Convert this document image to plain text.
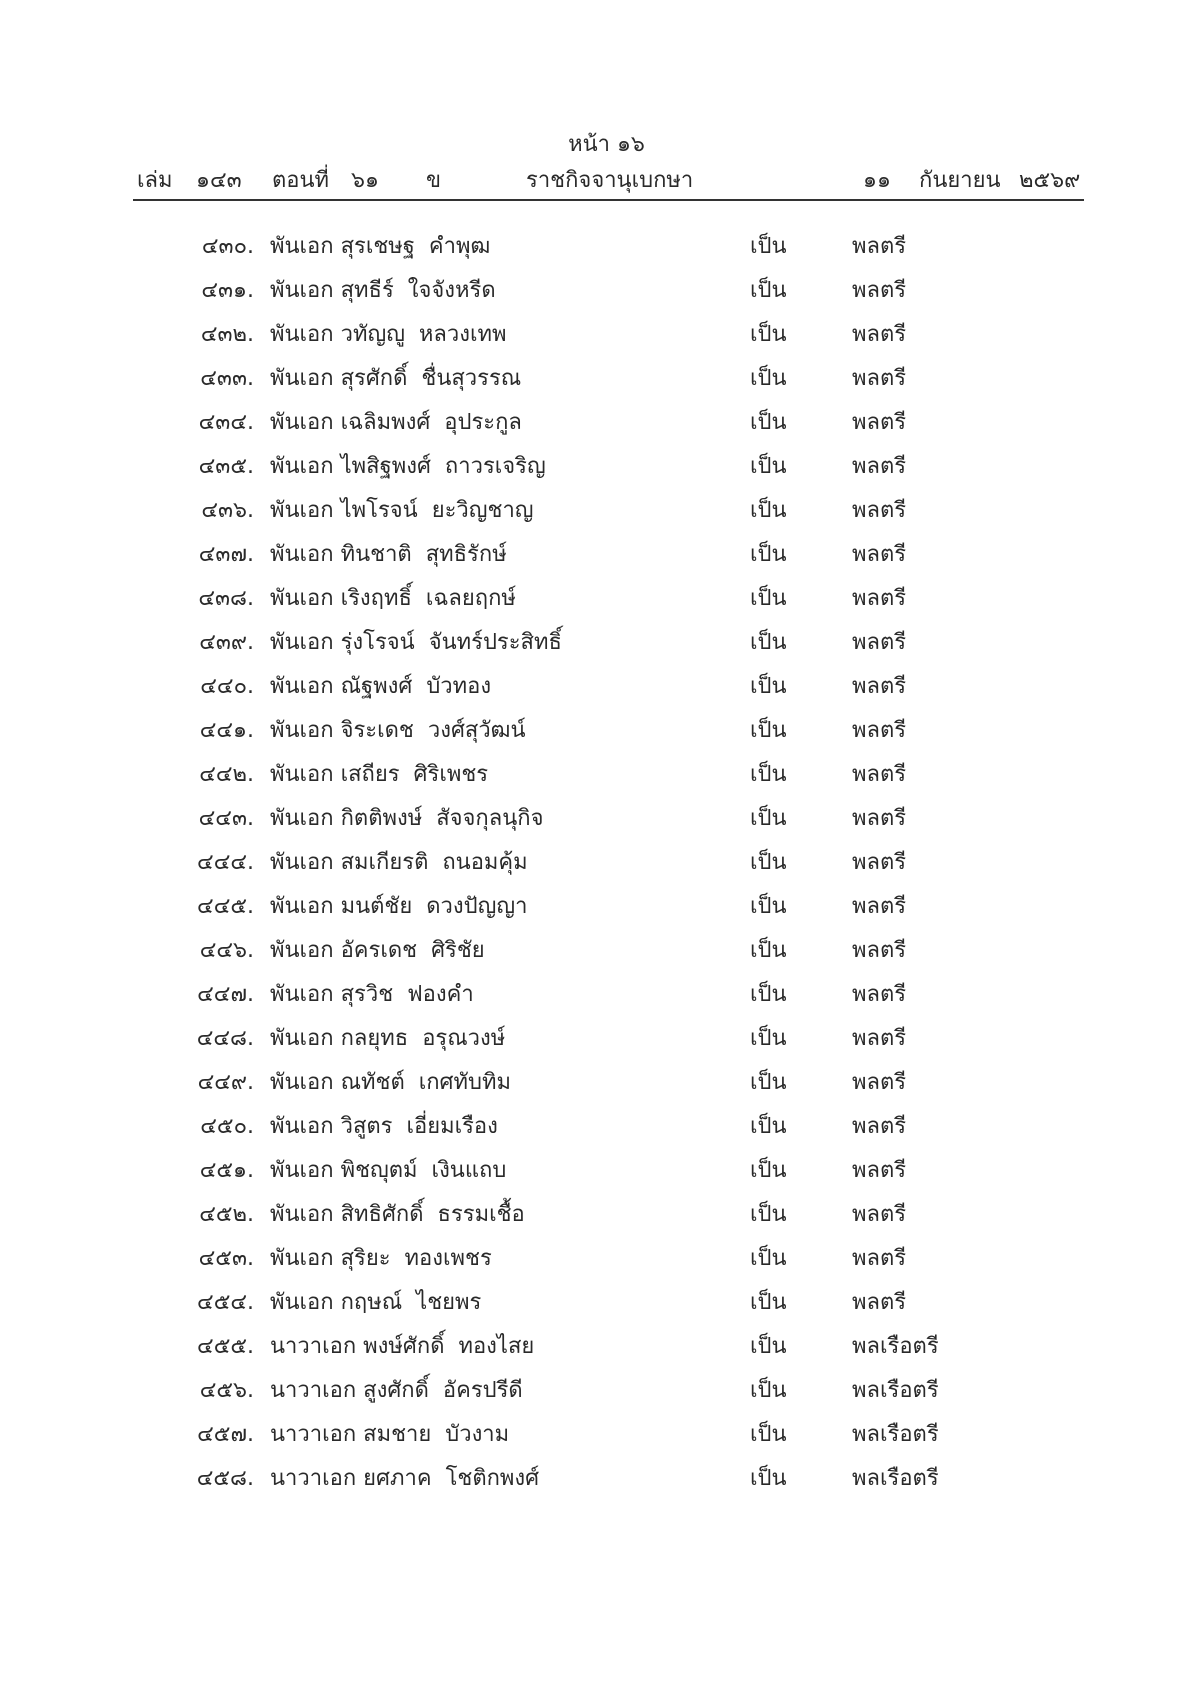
หน้า ๑๖
เล่ม ๑๔๓ ตอนที่ ๖๑ ข	ราชกิจจานุเบกษา	๑๑ กันยายน ๒๕๖๙
๔๓๐. พันเอก สุรเชษฐ  คำพุฒ	เป็น	พลตรี
๔๓๑. พันเอก สุทธีร์  ใจจังหรีด	เป็น	พลตรี
๔๓๒. พันเอก วทัญญู  หลวงเทพ	เป็น	พลตรี
๔๓๓. พันเอก สุรศักดิ์  ชื่นสุวรรณ	เป็น	พลตรี
๔๓๔. พันเอก เฉลิมพงศ์  อุประกูล	เป็น	พลตรี
๔๓๕. พันเอก ไพสิฐพงศ์  ถาวรเจริญ	เป็น	พลตรี
๔๓๖. พันเอก ไพโรจน์  ยะวิญชาญ	เป็น	พลตรี
๔๓๗. พันเอก ทินชาติ  สุทธิรักษ์	เป็น	พลตรี
๔๓๘. พันเอก เริงฤทธิ์  เฉลยฤกษ์	เป็น	พลตรี
๔๓๙. พันเอก รุ่งโรจน์  จันทร์ประสิทธิ์	เป็น	พลตรี
๔๔๐. พันเอก ณัฐพงศ์  บัวทอง	เป็น	พลตรี
๔๔๑. พันเอก จิระเดช  วงศ์สุวัฒน์	เป็น	พลตรี
๔๔๒. พันเอก เสถียร  ศิริเพชร	เป็น	พลตรี
๔๔๓. พันเอก กิตติพงษ์  สัจจกุลนุกิจ	เป็น	พลตรี
๔๔๔. พันเอก สมเกียรติ  ถนอมคุ้ม	เป็น	พลตรี
๔๔๕. พันเอก มนต์ชัย  ดวงปัญญา	เป็น	พลตรี
๔๔๖. พันเอก อัครเดช  ศิริชัย	เป็น	พลตรี
๔๔๗. พันเอก สุรวิช  ฟองคำ	เป็น	พลตรี
๔๔๘. พันเอก กลยุทธ  อรุณวงษ์	เป็น	พลตรี
๔๔๙. พันเอก ณทัชต์  เกศทับทิม	เป็น	พลตรี
๔๕๐. พันเอก วิสูตร  เอี่ยมเรือง	เป็น	พลตรี
๔๕๑. พันเอก พิชญุตม์  เงินแถบ	เป็น	พลตรี
๔๕๒. พันเอก สิทธิศักดิ์  ธรรมเชื้อ	เป็น	พลตรี
๔๕๓. พันเอก สุริยะ  ทองเพชร	เป็น	พลตรี
๔๕๔. พันเอก กฤษณ์  ไชยพร	เป็น	พลตรี
๔๕๕. นาวาเอก พงษ์ศักดิ์  ทองไสย	เป็น	พลเรือตรี
๔๕๖. นาวาเอก สูงศักดิ์  อัครปรีดี	เป็น	พลเรือตรี
๔๕๗. นาวาเอก สมชาย  บัวงาม	เป็น	พลเรือตรี
๔๕๘. นาวาเอก ยศภาค  โชติกพงศ์	เป็น	พลเรือตรี
